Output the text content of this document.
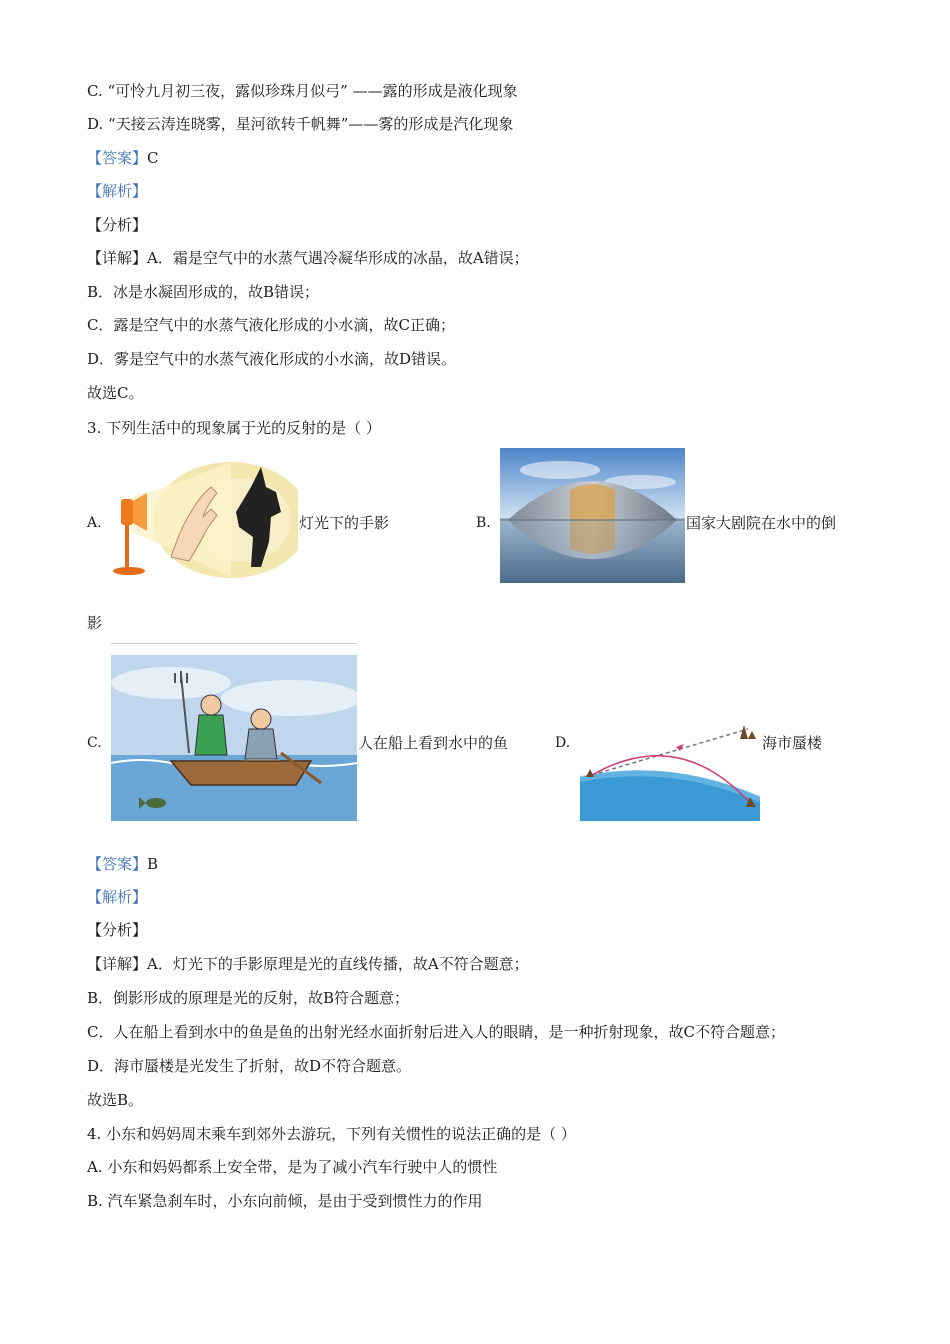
C. “可怜九月初三夜，露似珍珠月似弓” ——露的形成是液化现象
D. “天接云涛连晓雾，星河欲转千帆舞”——雾的形成是汽化现象
【答案】C
【解析】
【分析】
【详解】A．霜是空气中的水蒸气遇冷凝华形成的冰晶，故A错误；
B．冰是水凝固形成的，故B错误；
C．露是空气中的水蒸气液化形成的小水滴，故C正确；
D．雾是空气中的水蒸气液化形成的小水滴，故D错误。
故选C。
3. 下列生活中的现象属于光的反射的是（ ）
A.	灯光下的手影	B.	国家大剧院在水中的倒
影
C.	人在船上看到水中的鱼	D.	海市蜃楼
【答案】B
【解析】
【分析】
【详解】A．灯光下的手影原理是光的直线传播，故A不符合题意；
B．倒影形成的原理是光的反射，故B符合题意；
C．人在船上看到水中的鱼是鱼的出射光经水面折射后进入人的眼睛，是一种折射现象，故C不符合题意；
D．海市蜃楼是光发生了折射，故D不符合题意。
故选B。
4. 小东和妈妈周末乘车到郊外去游玩，下列有关惯性的说法正确的是（ ）
A. 小东和妈妈都系上安全带，是为了减小汽车行驶中人的惯性
B. 汽车紧急刹车时，小东向前倾，是由于受到惯性力的作用
